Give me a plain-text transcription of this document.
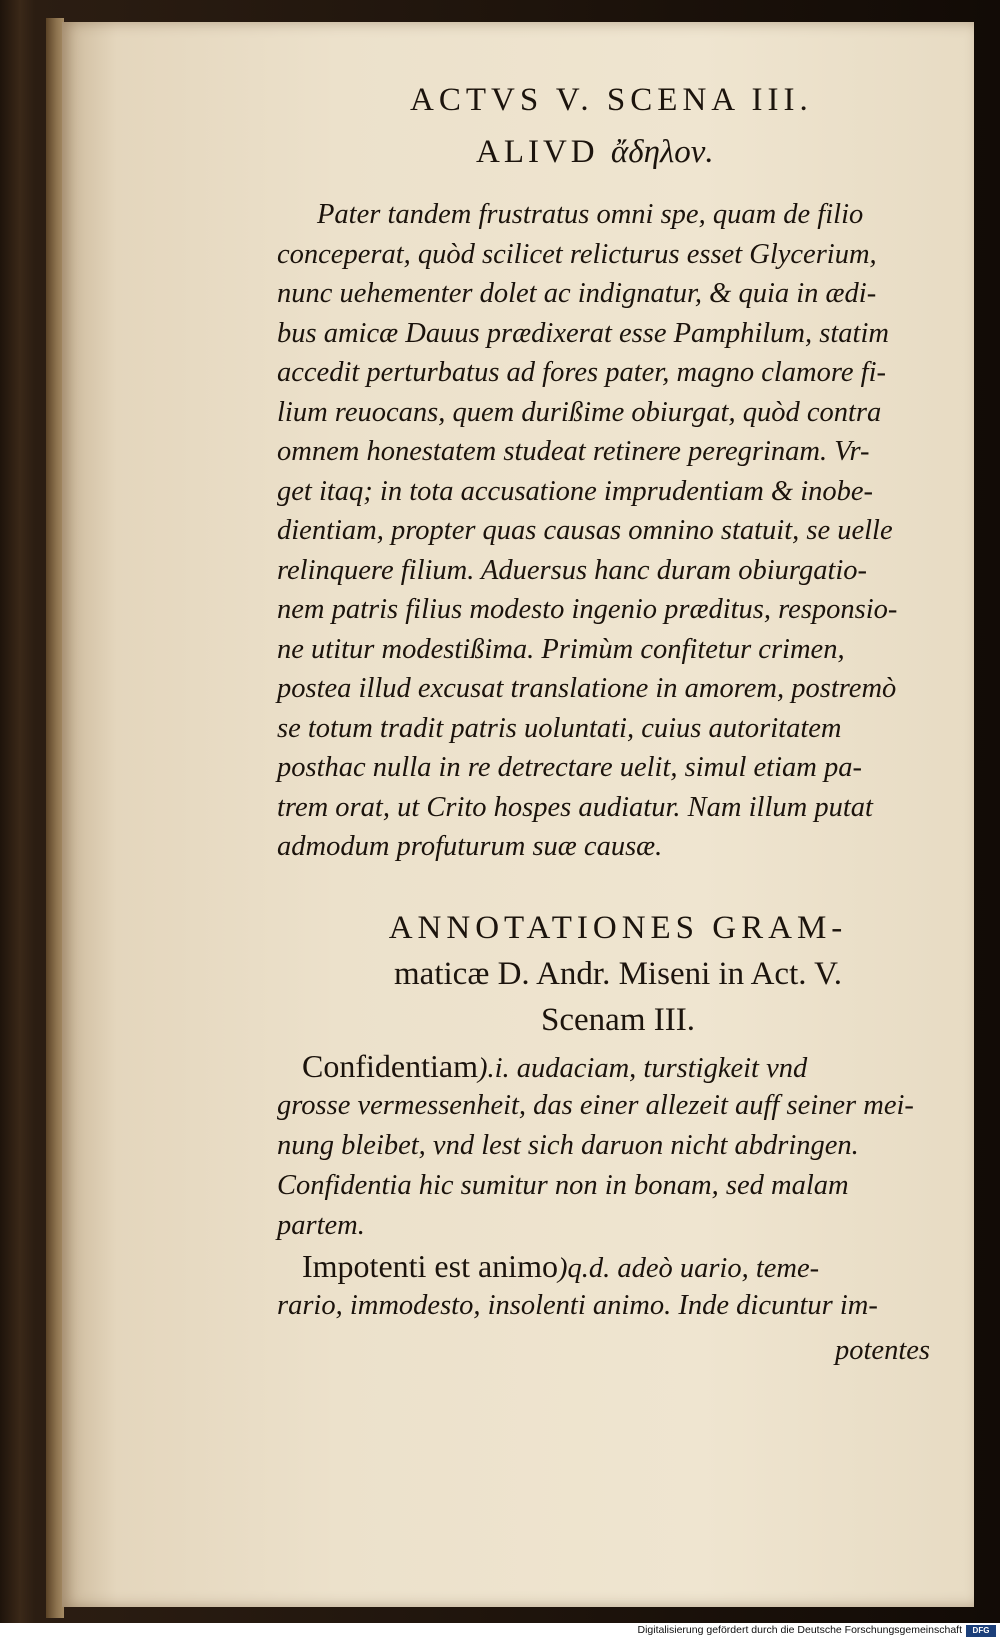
ACTVS V. SCENA III.
ALIVD ἄδηλον.
Pater tandem frustratus omni spe, quam de filio
conceperat, quòd scilicet relicturus esset Glycerium,
nunc uehementer dolet ac indignatur, & quia in ædi-
bus amicæ Dauus prædixerat esse Pamphilum, statim
accedit perturbatus ad fores pater, magno clamore fi-
lium reuocans, quem durißime obiurgat, quòd contra
omnem honestatem studeat retinere peregrinam. Vr-
get itaq; in tota accusatione imprudentiam & inobe-
dientiam, propter quas causas omnino statuit, se uelle
relinquere filium. Aduersus hanc duram obiurgatio-
nem patris filius modesto ingenio præditus, responsio-
ne utitur modestißima. Primùm confitetur crimen,
postea illud excusat translatione in amorem, postremò
se totum tradit patris uoluntati, cuius autoritatem
posthac nulla in re detrectare uelit, simul etiam pa-
trem orat, ut Crito hospes audiatur. Nam illum putat
admodum profuturum suæ causæ.
ANNOTATIONES GRAM-
maticæ D. Andr. Miseni in Act. V.
Scenam III.
Confidentiam).i. audaciam, turstigkeit vnd
grosse vermessenheit, das einer allezeit auff seiner mei-
nung bleibet, vnd lest sich daruon nicht abdringen.
Confidentia hic sumitur non in bonam, sed malam
partem.
Impotenti est animo)q.d. adeò uario, teme-
rario, immodesto, insolenti animo. Inde dicuntur im-
potentes
Digitalisierung gefördert durch die Deutsche Forschungsgemeinschaft	DFG
